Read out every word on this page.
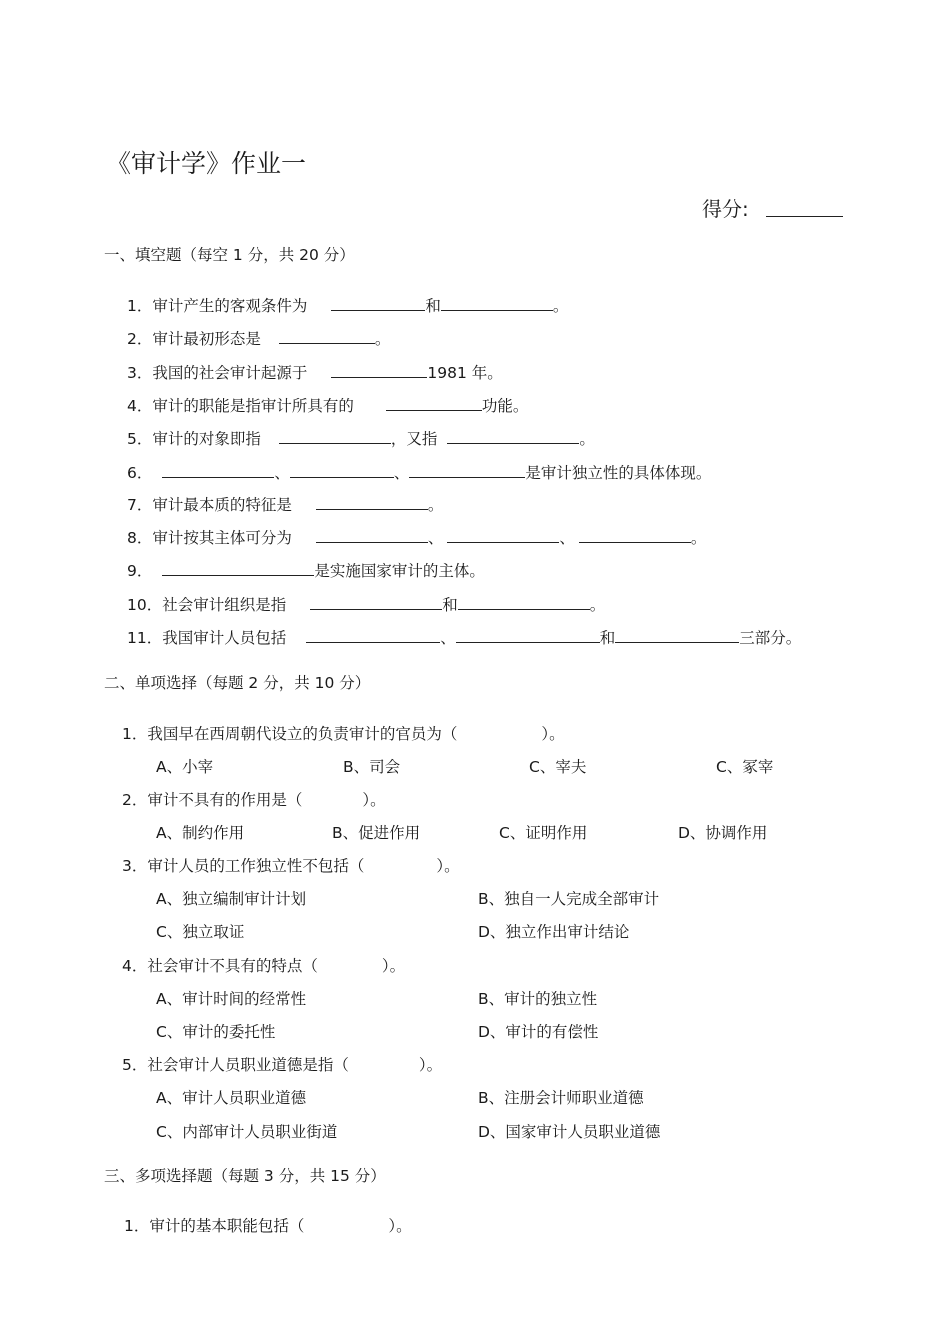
《审计学》作业一
得分:
一、填空题（每空 1 分，共 20 分）
1．审计产生的客观条件为	和	。
2．审计最初形态是	。
3．我国的社会审计起源于	1981 年。
4．审计的职能是指审计所具有的	功能。
5．审计的对象即指	，又指	。
6．	、	、	是审计独立性的具体体现。
7．审计最本质的特征是	。
8．审计按其主体可分为	、	、	。
9．	是实施国家审计的主体。
10．社会审计组织是指	和	。
11．我国审计人员包括	、	和	三部分。
二、单项选择（每题 2 分，共 10 分）
1．我国早在西周朝代设立的负责审计的官员为（	）。
A、小宰	B、司会	C、宰夫	C、冢宰
2．审计不具有的作用是（	）。
A、制约作用	B、促进作用	C、证明作用	D、协调作用
3．审计人员的工作独立性不包括（	）。
A、独立编制审计计划	B、独自一人完成全部审计
C、独立取证	D、独立作出审计结论
4．社会审计不具有的特点（	）。
A、审计时间的经常性	B、审计的独立性
C、审计的委托性	D、审计的有偿性
5．社会审计人员职业道德是指（	）。
A、审计人员职业道德	B、注册会计师职业道德
C、内部审计人员职业街道	D、国家审计人员职业道德
三、多项选择题（每题 3 分，共 15 分）
1．审计的基本职能包括（	）。
